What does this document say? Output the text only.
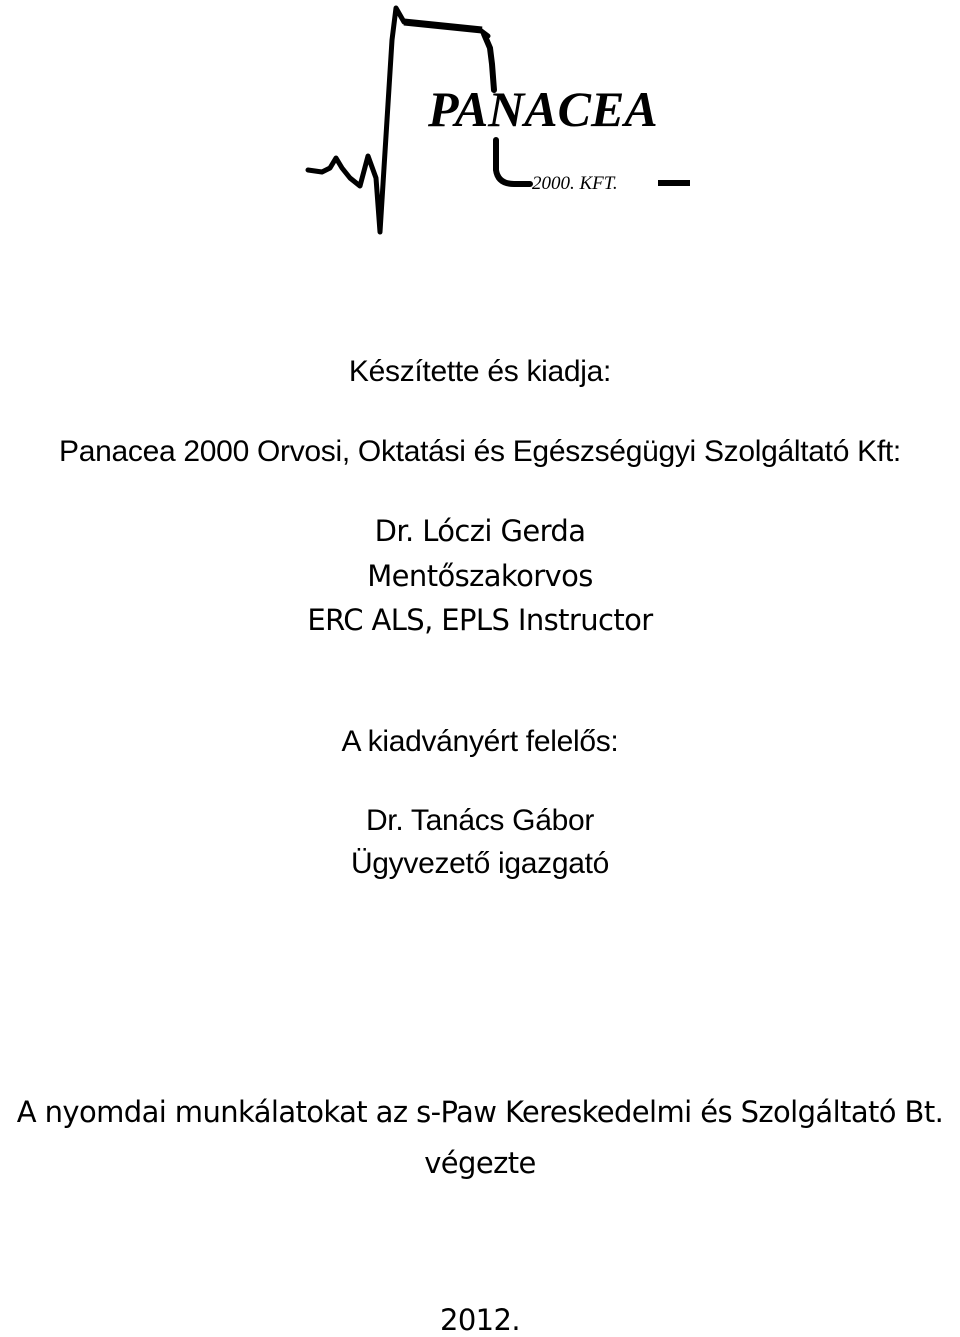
PANACEA
2000. KFT.
Készítette és kiadja:
Panacea 2000 Orvosi, Oktatási és Egészségügyi Szolgáltató Kft:
Dr. Lóczi Gerda
Mentőszakorvos
ERC ALS, EPLS Instructor
A kiadványért felelős:
Dr. Tanács Gábor
Ügyvezető igazgató
A nyomdai munkálatokat az s-Paw Kereskedelmi és Szolgáltató Bt.
végezte
2012.
